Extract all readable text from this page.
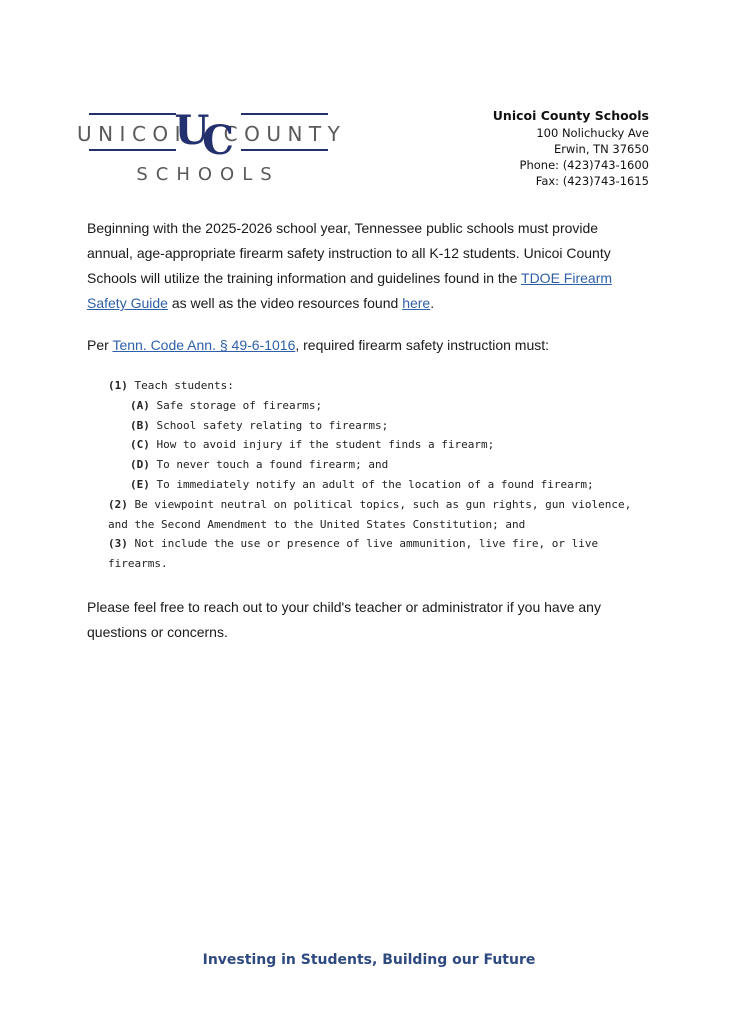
UNICOI COUNTY
SCHOOLS
U
C
Unicoi County Schools
100 Nolichucky Ave
Erwin, TN 37650
Phone: (423)743-1600
Fax: (423)743-1615
Beginning with the 2025-2026 school year, Tennessee public schools must provide annual, age-appropriate firearm safety instruction to all K-12 students. Unicoi County Schools will utilize the training information and guidelines found in the TDOE Firearm Safety Guide as well as the video resources found here.
Per Tenn. Code Ann. § 49-6-1016, required firearm safety instruction must:
(1) Teach students:
(A) Safe storage of firearms;
(B) School safety relating to firearms;
(C) How to avoid injury if the student finds a firearm;
(D) To never touch a found firearm; and
(E) To immediately notify an adult of the location of a found firearm;
(2) Be viewpoint neutral on political topics, such as gun rights, gun violence, and the Second Amendment to the United States Constitution; and
(3) Not include the use or presence of live ammunition, live fire, or live firearms.
Please feel free to reach out to your child's teacher or administrator if you have any questions or concerns.
Investing in Students, Building our Future
